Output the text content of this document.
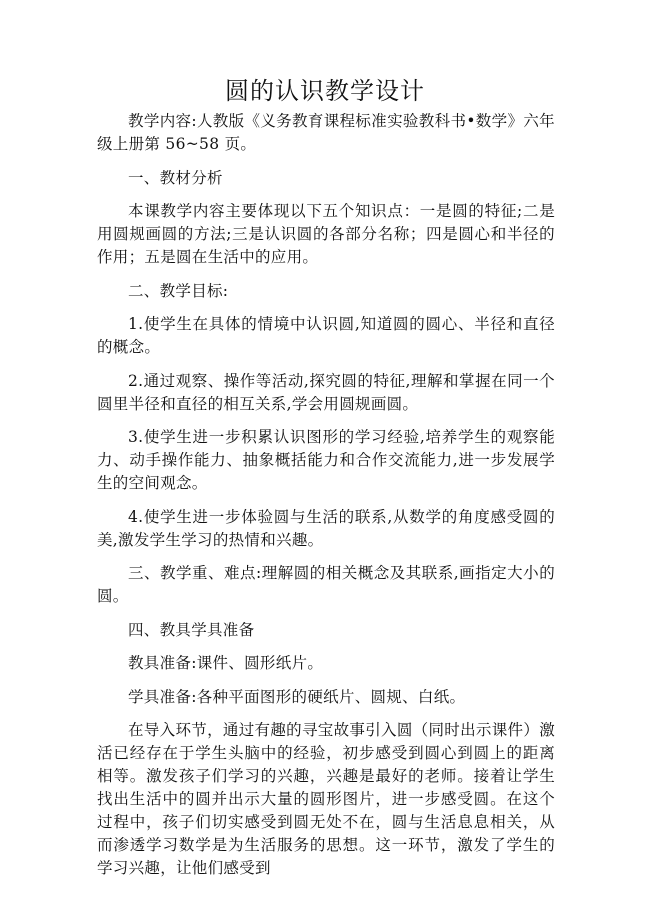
圆的认识教学设计

教学内容:人教版《义务教育课程标准实验教科书•数学》六年级上册第 56~58 页。

一、教材分析

本课教学内容主要体现以下五个知识点：一是圆的特征;二是用圆规画圆的方法;三是认识圆的各部分名称；四是圆心和半径的作用；五是圆在生活中的应用。

二、教学目标:

1.使学生在具体的情境中认识圆,知道圆的圆心、半径和直径的概念。

2.通过观察、操作等活动,探究圆的特征,理解和掌握在同一个圆里半径和直径的相互关系,学会用圆规画圆。

3.使学生进一步积累认识图形的学习经验,培养学生的观察能力、动手操作能力、抽象概括能力和合作交流能力,进一步发展学生的空间观念。

4.使学生进一步体验圆与生活的联系,从数学的角度感受圆的美,激发学生学习的热情和兴趣。

三、教学重、难点:理解圆的相关概念及其联系,画指定大小的圆。

四、教具学具准备

教具准备:课件、圆形纸片。

学具准备:各种平面图形的硬纸片、圆规、白纸。

在导入环节，通过有趣的寻宝故事引入圆（同时出示课件）激活已经存在于学生头脑中的经验，初步感受到圆心到圆上的距离相等。激发孩子们学习的兴趣，兴趣是最好的老师。接着让学生找出生活中的圆并出示大量的圆形图片，进一步感受圆。在这个过程中，孩子们切实感受到圆无处不在，圆与生活息息相关，从而渗透学习数学是为生活服务的思想。这一环节，激发了学生的学习兴趣，让他们感受到
